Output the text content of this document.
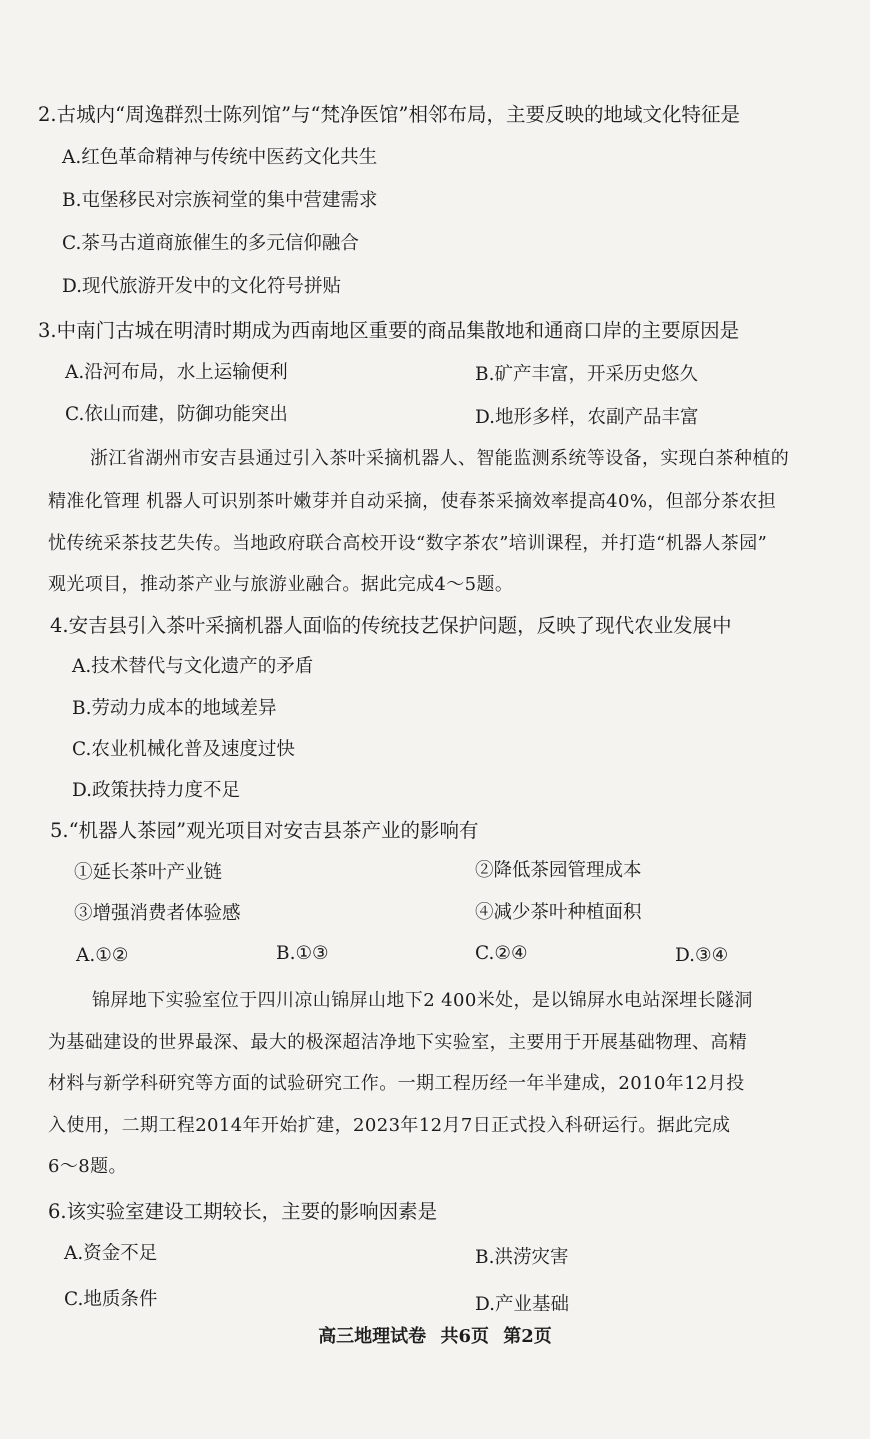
2.古城内“周逸群烈士陈列馆”与“梵净医馆”相邻布局，主要反映的地域文化特征是
A.红色革命精神与传统中医药文化共生
B.屯堡移民对宗族祠堂的集中营建需求
C.茶马古道商旅催生的多元信仰融合
D.现代旅游开发中的文化符号拼贴
3.中南门古城在明清时期成为西南地区重要的商品集散地和通商口岸的主要原因是
A.沿河布局，水上运输便利	B.矿产丰富，开采历史悠久
C.依山而建，防御功能突出	D.地形多样，农副产品丰富
浙江省湖州市安吉县通过引入茶叶采摘机器人、智能监测系统等设备，实现白茶种植的
精准化管理 机器人可识别茶叶嫩芽并自动采摘，使春茶采摘效率提高40%，但部分茶农担
忧传统采茶技艺失传。当地政府联合高校开设“数字茶农”培训课程，并打造“机器人茶园”
观光项目，推动茶产业与旅游业融合。据此完成4～5题。
4.安吉县引入茶叶采摘机器人面临的传统技艺保护问题，反映了现代农业发展中
A.技术替代与文化遗产的矛盾
B.劳动力成本的地域差异
C.农业机械化普及速度过快
D.政策扶持力度不足
5.“机器人茶园”观光项目对安吉县茶产业的影响有
①延长茶叶产业链	②降低茶园管理成本
③增强消费者体验感	④减少茶叶种植面积
A.①②	B.①③	C.②④	D.③④
锦屏地下实验室位于四川凉山锦屏山地下2 400米处，是以锦屏水电站深埋长隧洞
为基础建设的世界最深、最大的极深超洁净地下实验室，主要用于开展基础物理、高精
材料与新学科研究等方面的试验研究工作。一期工程历经一年半建成，2010年12月投
入使用，二期工程2014年开始扩建，2023年12月7日正式投入科研运行。据此完成
6～8题。
6.该实验室建设工期较长，主要的影响因素是
A.资金不足	B.洪涝灾害
C.地质条件	D.产业基础
高三地理试卷 共6页 第2页
